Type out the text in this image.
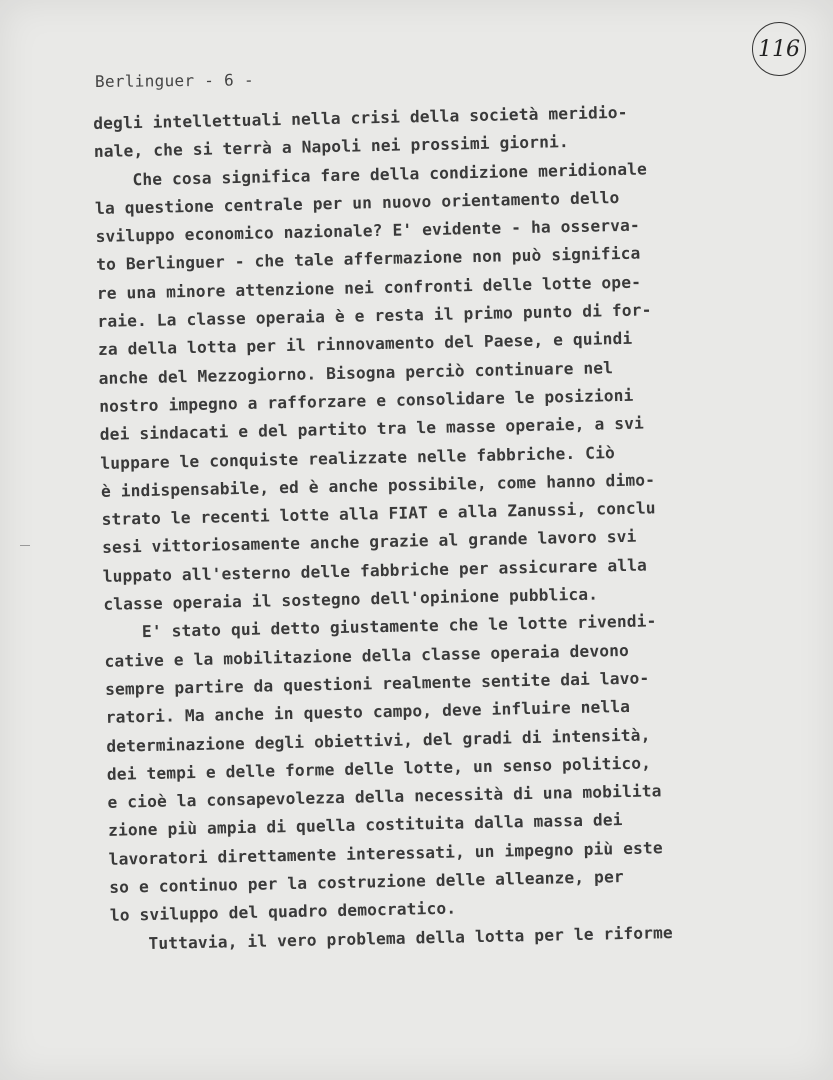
116
Berlinguer - 6 -
degli intellettuali nella crisi della società meridio-
nale, che si terrà a Napoli nei prossimi giorni.
Che cosa significa fare della condizione meridionale
la questione centrale per un nuovo orientamento dello
sviluppo economico nazionale? E' evidente - ha osserva-
to Berlinguer - che tale affermazione non può significa
re una minore attenzione nei confronti delle lotte ope-
raie. La classe operaia è e resta il primo punto di for-
za della lotta per il rinnovamento del Paese, e quindi
anche del Mezzogiorno. Bisogna perciò continuare nel
nostro impegno a rafforzare e consolidare le posizioni
dei sindacati e del partito tra le masse operaie, a svi
luppare le conquiste realizzate nelle fabbriche. Ciò
è indispensabile, ed è anche possibile, come hanno dimo-
strato le recenti lotte alla FIAT e alla Zanussi, conclu
sesi vittoriosamente anche grazie al grande lavoro svi
luppato all'esterno delle fabbriche per assicurare alla
classe operaia il sostegno dell'opinione pubblica.
E' stato qui detto giustamente che le lotte rivendi-
cative e la mobilitazione della classe operaia devono
sempre partire da questioni realmente sentite dai lavo-
ratori. Ma anche in questo campo, deve influire nella
determinazione degli obiettivi, del gradi di intensità,
dei tempi e delle forme delle lotte, un senso politico,
e cioè la consapevolezza della necessità di una mobilita
zione più ampia di quella costituita dalla massa dei
lavoratori direttamente interessati, un impegno più este
so e continuo per la costruzione delle alleanze, per
lo sviluppo del quadro democratico.
Tuttavia, il vero problema della lotta per le riforme
